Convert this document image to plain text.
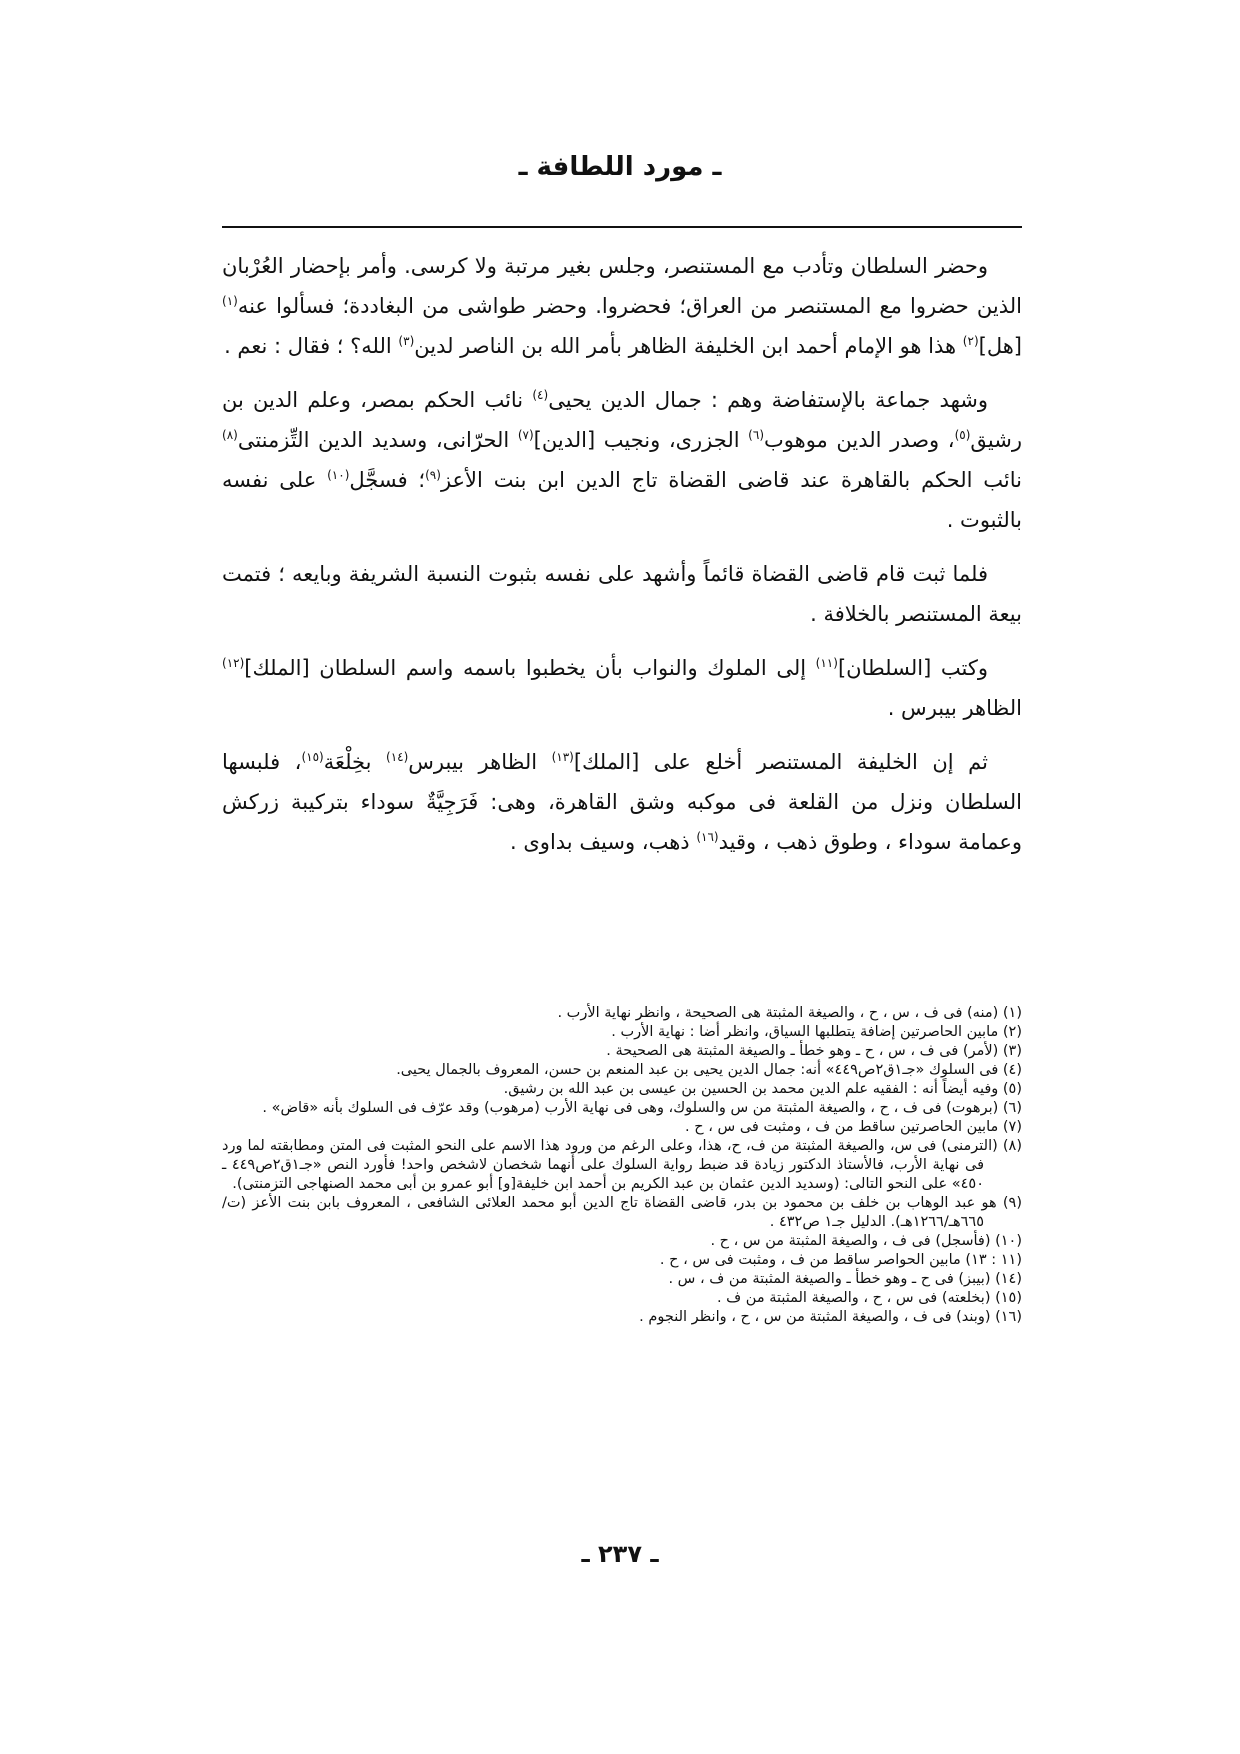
ـ مورد اللطافة ـ

وحضر السلطان وتأدب مع المستنصر، وجلس بغير مرتبة ولا كرسى. وأمر بإحضار العُرْبان الذين حضروا مع المستنصر من العراق؛ فحضروا. وحضر طواشى من البغاددة؛ فسألوا عنه$^{(١)}$ [هل]$^{(٢)}$ هذا هو الإمام أحمد ابن الخليفة الظاهر بأمر الله بن الناصر لدين$^{(٣)}$ الله؟ ؛ فقال : نعم .

وشهد جماعة بالإستفاضة وهم : جمال الدين يحيى$^{(٤)}$ نائب الحكم بمصر، وعلم الدين بن رشيق$^{(٥)}$، وصدر الدين موهوب$^{(٦)}$ الجزرى، ونجيب [الدين]$^{(٧)}$ الحرّانى، وسديد الدين التِّزمنتى$^{(٨)}$ نائب الحكم بالقاهرة عند قاضى القضاة تاج الدين ابن بنت الأعز$^{(٩)}$؛ فسجَّل$^{(١٠)}$ على نفسه بالثبوت .

فلما ثبت قام قاضى القضاة قائماً وأشهد على نفسه بثبوت النسبة الشريفة وبايعه ؛ فتمت بيعة المستنصر بالخلافة .

وكتب [السلطان]$^{(١١)}$ إلى الملوك والنواب بأن يخطبوا باسمه واسم السلطان [الملك]$^{(١٢)}$ الظاهر بيبرس .

ثم إن الخليفة المستنصر أخلع على [الملك]$^{(١٣)}$ الظاهر بيبرس$^{(١٤)}$ بخِلْعَة$^{(١٥)}$، فلبسها السلطان ونزل من القلعة فى موكبه وشق القاهرة، وهى: فَرَجِيَّةٌ سوداء بتركيبة زركش وعمامة سوداء ، وطوق ذهب ، وقيد$^{(١٦)}$ ذهب، وسيف بداوى .

(١) (منه) فى ف ، س ، ح ، والصيغة المثبتة هى الصحيحة ، وانظر نهاية الأرب .
(٢) مابين الحاصرتين إضافة يتطلبها السياق، وانظر أضا : نهاية الأرب .
(٣) (لأمر) فى ف ، س ، ح ـ وهو خطأ ـ والصيغة المثبتة هى الصحيحة .
(٤) فى السلوك «جـ١ق٢ص٤٤٩» أنه: جمال الدين يحيى بن عبد المنعم بن حسن، المعروف بالجمال يحيى.
(٥) وفيه أيضاً أنه : الفقيه علم الدين محمد بن الحسين بن عيسى بن عبد الله بن رشيق.
(٦) (برهوت) فى ف ، ح ، والصيغة المثبتة من س والسلوك، وهى فى نهاية الأرب (مرهوب) وقد عرّف فى السلوك بأنه «قاض» .
(٧) مابين الحاصرتين ساقط من ف ، ومثبت فى س ، ح .
(٨) (الترمنى) فى س، والصيغة المثبتة من ف، ح، هذا، وعلى الرغم من ورود هذا الاسم على النحو المثبت فى المتن ومطابقته لما ورد فى نهاية الأرب، فالأستاذ الدكتور زيادة قد ضبط رواية السلوك على أنهما شخصان لاشخص واحد! فأورد النص «جـ١ق٢ص٤٤٩ ـ ٤٥٠» على النحو التالى: (وسديد الدين عثمان بن عبد الكريم بن أحمد ابن خليفة[و] أبو عمرو بن أبى محمد الصنهاجى التزمنتى).
(٩) هو عبد الوهاب بن خلف بن محمود بن بدر، قاضى القضاة تاج الدين أبو محمد العلائى الشافعى ، المعروف بابن بنت الأعز (ت/ ٦٦٥هـ/١٢٦٦هـ). الدليل جـ١ ص٤٣٢ .
(١٠) (فأسجل) فى ف ، والصيغة المثبتة من س ، ح .
(١١ : ١٣) مابين الحواصر ساقط من ف ، ومثبت فى س ، ح .
(١٤) (بيبز) فى ح ـ وهو خطأ ـ والصيغة المثبتة من ف ، س .
(١٥) (بخلعته) فى س ، ح ، والصيغة المثبتة من ف .
(١٦) (وبند) فى ف ، والصيغة المثبتة من س ، ح ، وانظر النجوم .
ـ ٢٣٧ ـ
